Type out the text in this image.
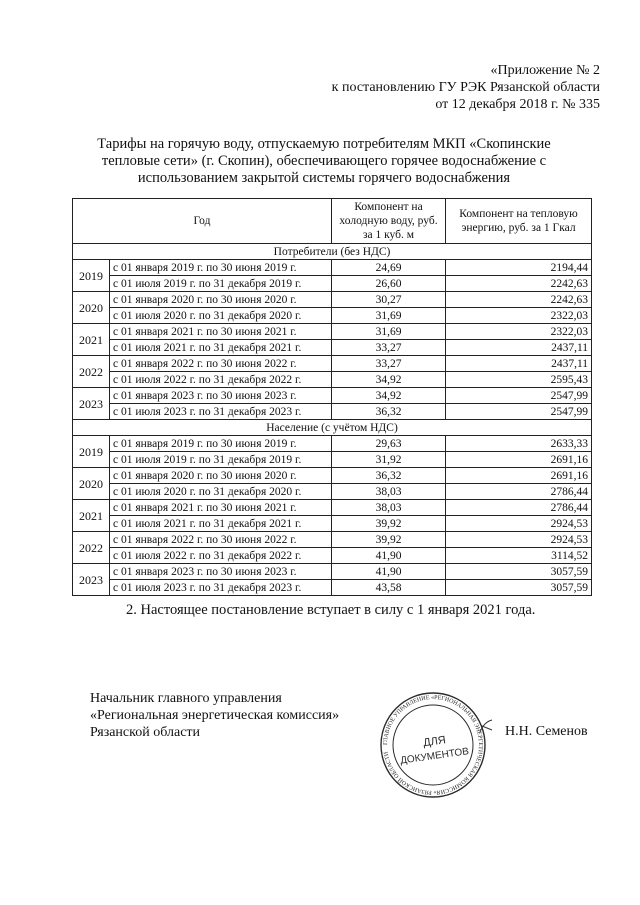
«Приложение № 2
к постановлению ГУ РЭК Рязанской области
от 12 декабря 2018 г. № 335
Тарифы на горячую воду, отпускаемую потребителям МКП «Скопинские
тепловые сети» (г. Скопин), обеспечивающего горячее водоснабжение с
использованием закрытой системы горячего водоснабжения
Год		Компонент на холодную воду, руб. за 1 куб. м	Компонент на тепловую энергию, руб. за 1 Гкал
Потребители (без НДС)			
2019	с 01 января 2019 г. по 30 июня 2019 г.	24,69	2194,44
	с 01 июля 2019 г. по 31 декабря 2019 г.	26,60	2242,63
2020	с 01 января 2020 г. по 30 июня 2020 г.	30,27	2242,63
	с 01 июля 2020 г. по 31 декабря 2020 г.	31,69	2322,03
2021	с 01 января 2021 г. по 30 июня 2021 г.	31,69	2322,03
	с 01 июля 2021 г. по 31 декабря 2021 г.	33,27	2437,11
2022	с 01 января 2022 г. по 30 июня 2022 г.	33,27	2437,11
	с 01 июля 2022 г. по 31 декабря 2022 г.	34,92	2595,43
2023	с 01 января 2023 г. по 30 июня 2023 г.	34,92	2547,99
	с 01 июля 2023 г. по 31 декабря 2023 г.	36,32	2547,99
Население (с учётом НДС)			
2019	с 01 января 2019 г. по 30 июня 2019 г.	29,63	2633,33
	с 01 июля 2019 г. по 31 декабря 2019 г.	31,92	2691,16
2020	с 01 января 2020 г. по 30 июня 2020 г.	36,32	2691,16
	с 01 июля 2020 г. по 31 декабря 2020 г.	38,03	2786,44
2021	с 01 января 2021 г. по 30 июня 2021 г.	38,03	2786,44
	с 01 июля 2021 г. по 31 декабря 2021 г.	39,92	2924,53
2022	с 01 января 2022 г. по 30 июня 2022 г.	39,92	2924,53
	с 01 июля 2022 г. по 31 декабря 2022 г.	41,90	3114,52
2023	с 01 января 2023 г. по 30 июня 2023 г.	41,90	3057,59
	с 01 июля 2023 г. по 31 декабря 2023 г.	43,58	3057,59
2. Настоящее постановление вступает в силу с 1 января 2021 года.
Начальник главного управления
«Региональная энергетическая комиссия»
Рязанской области	Н.Н. Семенов
ГЛАВНОЕ УПРАВЛЕНИЕ «РЕГИОНАЛЬНАЯ ЭНЕРГЕТИЧЕСКАЯ КОМИССИЯ» РЯЗАНСКОЙ ОБЛАСТИ
ДЛЯ
ДОКУМЕНТОВ
